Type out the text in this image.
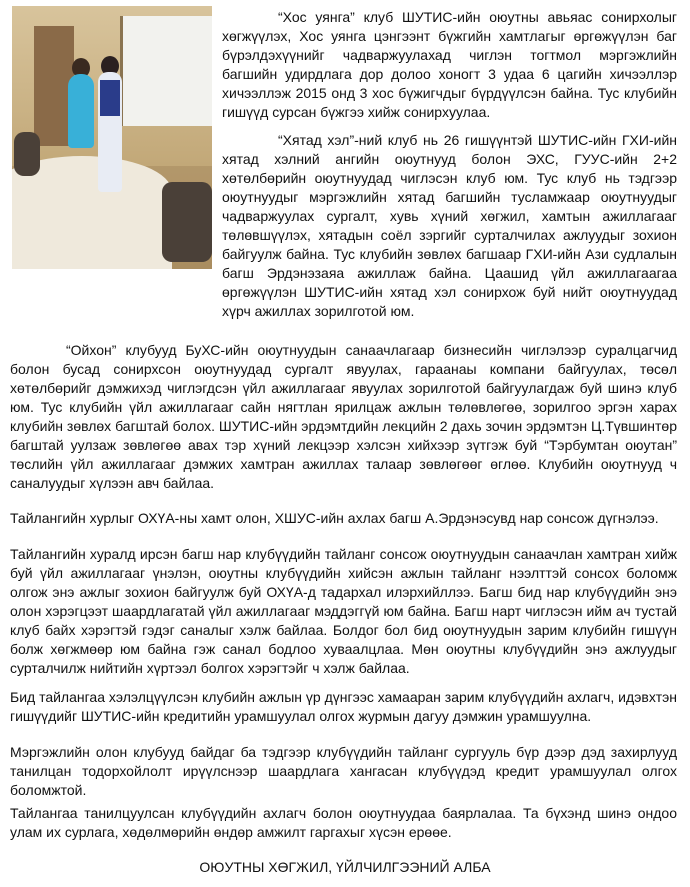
“Хос уянга” клуб ШУТИС-ийн оюутны авьяас сонирхолыг хөгжүүлэх, Хос уянга цэнгээнт бүжгийн хамтлагыг өргөжүүлэн баг бүрэлдэхүүнийг чадваржуулахад чиглэн тогтмол мэргэжлийн багшийн удирдлага дор долоо хоногт 3 удаа 6 цагийн хичээллэр хичээллэж 2015 онд 3 хос бүжигчдыг бүрдүүлсэн байна. Тус клубийн гишүүд сурсан бүжгээ хийж сонирхуулаа.

“Хятад хэл”-ний клуб нь 26 гишүүнтэй ШУТИС-ийн ГХИ-ийн хятад хэлний ангийн оюутнууд болон ЭХС, ГУУС-ийн 2+2 хөтөлбөрийн оюутнуудад чиглэсэн клуб юм. Тус клуб нь тэдгээр оюутнуудыг мэргэжлийн хятад багшийн тусламжаар оюутнуудыг чадваржуулах сургалт, хувь хүний хөгжил, хамтын ажиллагааг төлөвшүүлэх, хятадын соёл зэргийг сурталчилах ажлуудыг зохион байгуулж байна. Тус клубийн зөвлөх багшаар ГХИ-ийн Ази судлалын багш Эрдэнэзаяа ажиллаж байна. Цаашид үйл ажиллагаагаа өргөжүүлэн ШУТИС-ийн хятад хэл сонирхож буй нийт оюутнуудад хүрч ажиллах зорилготой юм.

“Ойхон” клубууд БуХС-ийн оюутнуудын санаачлагаар бизнесийн чиглэлээр суралцагчид болон бусад сонирхсон оюутнуудад сургалт явуулах, гараанаы компани байгуулах, төсөл хөтөлбөрийг дэмжихэд чиглэгдсэн үйл ажиллагааг явуулах зорилготой байгуулагдаж буй шинэ клуб юм. Тус клубийн үйл ажиллагааг сайн нягтлан ярилцаж ажлын төлөвлөгөө, зорилгоо эргэн харах клубийн зөвлөх багштай болох. ШУТИС-ийн эрдэмтдийн лекцийн 2 дахь зочин эрдэмтэн Ц.Түвшинтөр багштай уулзаж зөвлөгөө авах тэр хүний лекцээр хэлсэн хийхээр зүтгэж буй “Тэрбумтан оюутан” төслийн үйл ажиллагааг дэмжих хамтран ажиллах талаар зөвлөгөөг өглөө. Клубийн оюутнууд ч саналуудыг хүлээн авч байлаа.

Тайлангийн хурлыг ОХҮА-ны хамт олон, ХШУС-ийн ахлах багш А.Эрдэнэсувд нар сонсож дүгнэлээ.

Тайлангийн хуралд ирсэн багш нар клубүүдийн тайланг сонсож оюутнуудын санаачлан хамтран хийж буй үйл ажиллагааг үнэлэн, оюутны клубүүдийн хийсэн ажлын тайланг нээлттэй сонсох боломж олгож энэ ажлыг зохион байгуулж буй ОХҮА-д тадархал илэрхийллээ. Багш бид нар клубүүдийн энэ олон хэрэгцээт шаардлагатай үйл ажиллагааг мэддэггүй юм байна. Багш нарт чиглэсэн ийм ач тустай клуб байх хэрэгтэй гэдэг саналыг хэлж байлаа. Болдог бол бид оюутнуудын зарим клубийн гишүүн болж хөгжмөөр юм байна гэж санал бодлоо хуваалцлаа. Мөн оюутны клубүүдийн энэ ажлуудыг сурталчилж нийтийн хүртээл болгох хэрэгтэйг ч хэлж байлаа.

Бид тайлангаа хэлэлцүүлсэн клубийн ажлын үр дүнгээс хамааран зарим клубүүдийн ахлагч, идэвхтэн гишүүдийг ШУТИС-ийн кредитийн урамшуулал олгох журмын дагуу дэмжин урамшуулна.

Мэргэжлийн олон клубууд байдаг ба тэдгээр клубүүдийн тайланг сургууль бүр дээр дэд захирлууд танилцан тодорхойлолт ирүүлснээр шаардлага хангасан клубүүдэд кредит урамшуулал олгох боломжтой.

Тайлангаа танилцуулсан клубүүдийн ахлагч болон оюутнуудаа баярлалаа. Та бүхэнд шинэ ондоо улам их сурлага, хөдөлмөрийн өндөр амжилт гаргахыг хүсэн ерөөе.

ОЮУТНЫ ХӨГЖИЛ, ҮЙЛЧИЛГЭЭНИЙ АЛБА
